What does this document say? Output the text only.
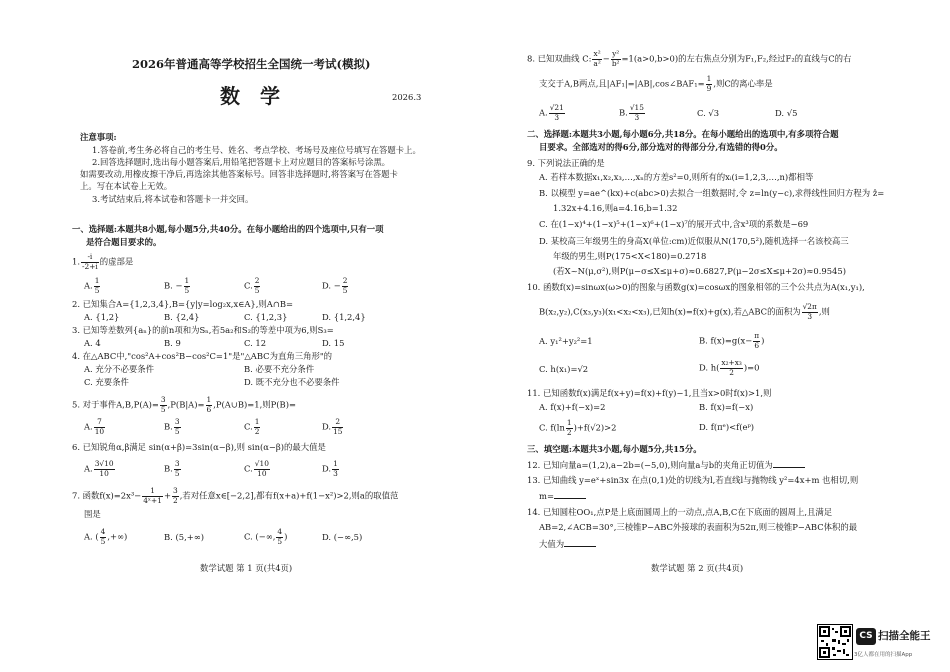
2026年普通高等学校招生全国统一考试(模拟)
数学	2026.3
注意事项:
1.答卷前,考生务必将自己的考生号、姓名、考点学校、考场号及座位号填写在答题卡上。
2.回答选择题时,选出每小题答案后,用铅笔把答题卡上对应题目的答案标号涂黑。
如需要改动,用橡皮擦干净后,再选涂其他答案标号。回答非选择题时,将答案写在答题卡
上。写在本试卷上无效。
3.考试结束后,将本试卷和答题卡一并交回。
一、选择题:本题共8小题,每小题5分,共40分。在每小题给出的四个选项中,只有一项
是符合题目要求的。
1. $\frac{-i}{-2+i}$ 的虚部是
A. $\frac{1}{5}$	B. − $\frac{1}{5}$	C. $\frac{2}{5}$	D. − $\frac{2}{5}$
2. 已知集合A={1,2,3,4},B={y|y=log₂x,x∈A},则A∩B=
A. {1,2}	B. {2,4}	C. {1,2,3}	D. {1,2,4}
3. 已知等差数列{aₙ}的前n项和为Sₙ,若5a₂和S₂的等差中项为6,则S₃=
A. 4	B. 9	C. 12	D. 15
4. 在△ABC中,"cos²A+cos²B−cos²C=1"是"△ABC为直角三角形"的
A. 充分不必要条件	B. 必要不充分条件
C. 充要条件	D. 既不充分也不必要条件
5. 对于事件$A,B,P(A)= \frac{3}{5} ,P(B|A)= \frac{1}{6}$ ,P(A∪B)=1,则P(B)=
A. $\frac{7}{10}$	B. $\frac{3}{5}$	C. $\frac{1}{2}$	D. $\frac{2}{15}$
6. 已知锐角α,β满足 sin(α+β)=3sin(α−β),则 sin(α−β)的最大值是
A. $\frac{3√10}{10}$	B. $\frac{3}{5}$	C. $\frac{√10}{10}$	D. $\frac{1}{3}$
7. 函数$f(x)=2x^3- \frac{1}{\text{4ˣ+1}} + \frac{3}{2}$ ,若对任意x∈[−2,2],都有f(x+a)+f(1−x²)>2,则a的取值范
围是
A. ( $\frac{4}{5}$ ,+∞)	B. (5,+∞)	C. (−∞, $\frac{4}{5}$ )	D. (−∞,5)
数学试题 第 1 页(共4页)
8. 已知双曲线 C: $\frac{\text{x²}}{\text{a²}} - \frac{\text{y²}}{\text{b²}} =1(a>0,b>0)$的左右焦点分别为F₁,F₂,经过F₂的直线与C的右
支交于A,B两点,且|AF₁|=|AB|,cos∠BAF₁= $\frac{1}{9}$ ,则C的离心率是
A. $\frac{√21}{3}$	B. $\frac{√15}{3}$	C. √3	D. √5
二、选择题:本题共3小题,每小题6分,共18分。在每小题给出的选项中,有多项符合题
目要求。全部选对的得6分,部分选对的得部分分,有选错的得0分。
9. 下列说法正确的是
A. 若样本数据x₁,x₂,x₃,…,xₙ的方差s²=0,则所有的xᵢ(i=1,2,3,…,n)都相等
B. 以模型 y=ae^(kx)+c(abc>0)去拟合一组数据时,令 z=ln(y−c),求得线性回归方程为 ẑ=
1.32x+4.16,则a=4.16,b=1.32
C. 在(1−x)⁴+(1−x)⁵+(1−x)⁶+(1−x)⁷的展开式中,含x³项的系数是−69
D. 某校高三年级男生的身高X(单位:cm)近似服从N(170,5²),随机选择一名该校高三
年级的男生,则P(175<X<180)=0.2718
(若X~N(μ,σ²),则P(μ−σ≤X≤μ+σ)≈0.6827,P(μ−2σ≤X≤μ+2σ)≈0.9545)
10. 函数f(x)=sinωx(ω>0)的图象与函数g(x)=cosωx的图象相邻的三个公共点为A(x₁,y₁),
B(x₂,y₂),C(x₃,y₃)(x₁<x₂<x₃),已知h(x)=f(x)+g(x),若△ABC的面积为 $\frac{√2\pi}{3}$ ,则
A. y₁²+y₂²=1	B. $f(x)=g(x- \frac{\pi}{6}$ )
C. h(x₁)=√2	D. $h( \frac{\text{x₂+x₃}}{2} )=0$
11. 已知函数f(x)满足f(x+y)=f(x)+f(y)−1,且当x>0时f(x)>1,则
A. f(x)+f(−x)=2	B. f(x)=f(−x)
C. $f(\ln \frac{1}{2} )+f(√2)>2$	D. f(πᵉ)<f(eᵖ)
三、填空题:本题共3小题,每小题5分,共15分。
12. 已知向量a=(1,2),a−2b=(−5,0),则向量a与b的夹角正切值为
13. 已知曲线 y=eˣ+sin3x 在点(0,1)处的切线为l,若直线l与抛物线 y²=4x+m 也相切,则
m=
14. 已知圆柱OO₁,点P是上底面圆周上的一动点,点A,B,C在下底面的圆周上,且满足
AB=2,∠ACB=30°,三棱锥P−ABC外接球的表面积为52π,则三棱锥P−ABC体积的最
大值为
数学试题 第 2 页(共4页)
CS 扫描全能王
3亿人都在用的扫描App
